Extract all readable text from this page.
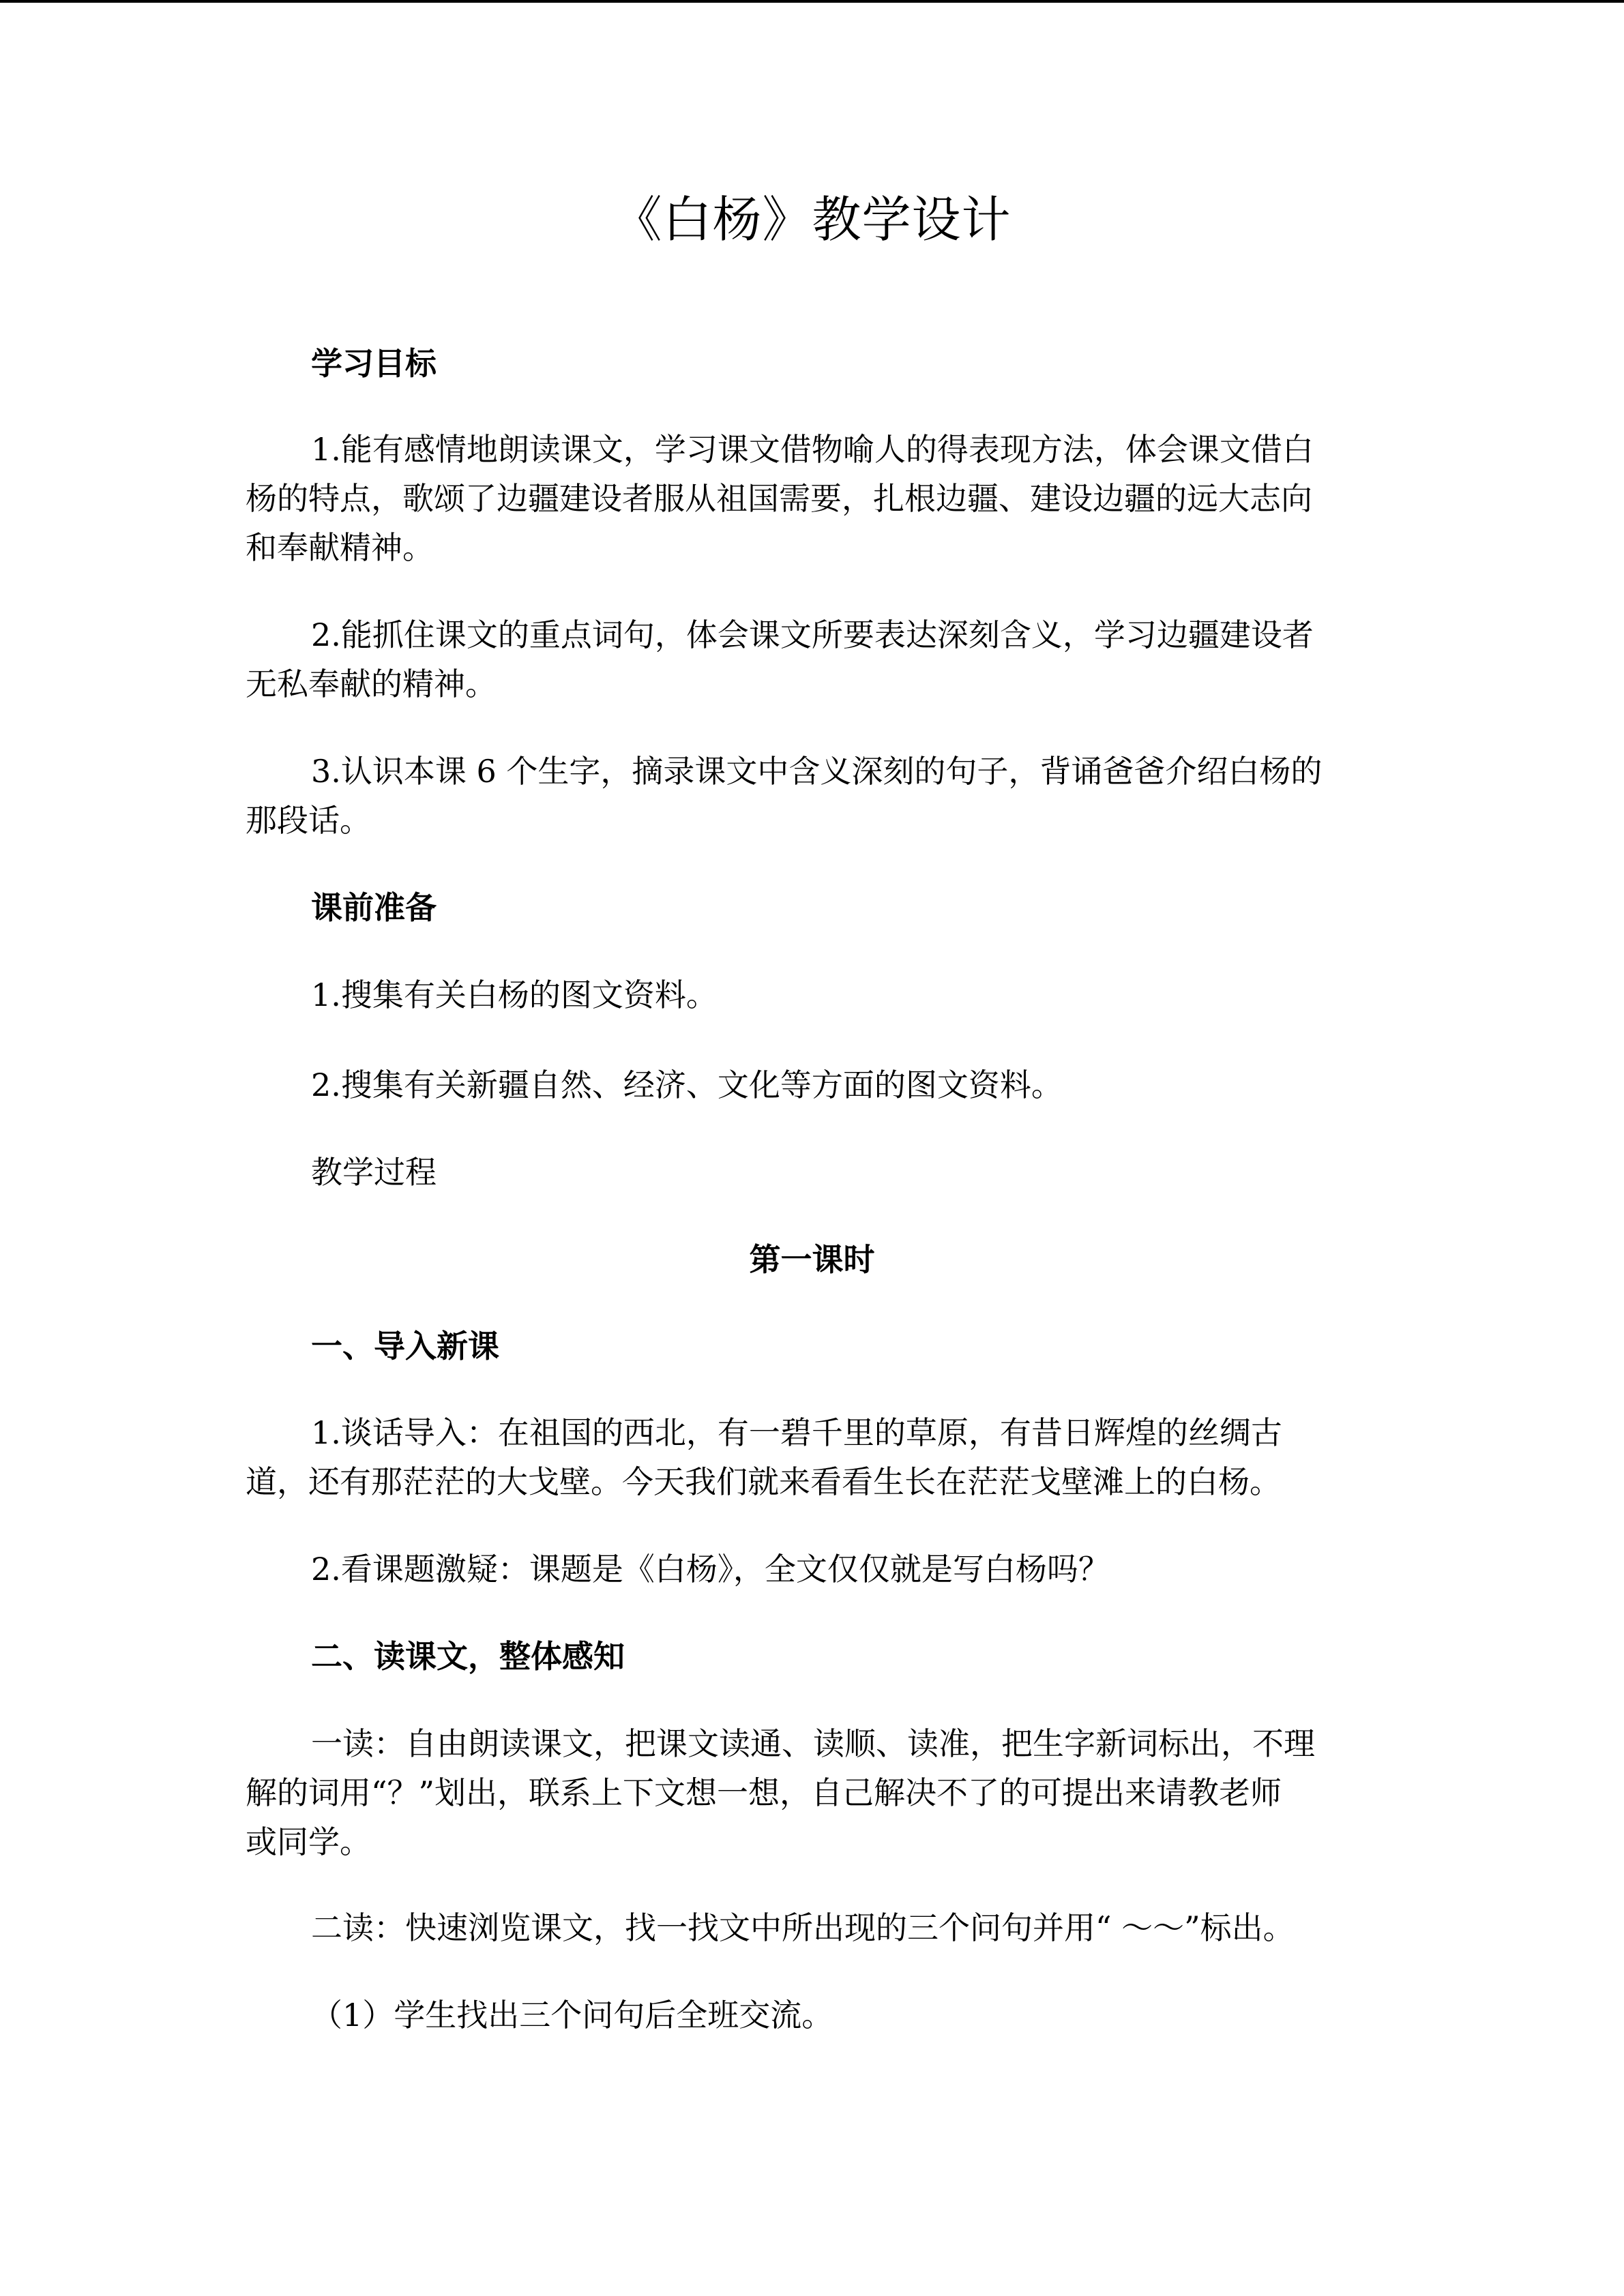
《白杨》教学设计
学习目标
1.能有感情地朗读课文，学习课文借物喻人的得表现方法，体会课文借白
杨的特点，歌颂了边疆建设者服从祖国需要，扎根边疆、建设边疆的远大志向
和奉献精神。
2.能抓住课文的重点词句，体会课文所要表达深刻含义，学习边疆建设者
无私奉献的精神。
3.认识本课 6 个生字，摘录课文中含义深刻的句子，背诵爸爸介绍白杨的
那段话。
课前准备
1.搜集有关白杨的图文资料。
2.搜集有关新疆自然、经济、文化等方面的图文资料。
教学过程
第一课时
一、导入新课
1.谈话导入：在祖国的西北，有一碧千里的草原，有昔日辉煌的丝绸古
道，还有那茫茫的大戈壁。今天我们就来看看生长在茫茫戈壁滩上的白杨。
2.看课题激疑：课题是《白杨》，全文仅仅就是写白杨吗？
二、读课文，整体感知
一读：自由朗读课文，把课文读通、读顺、读准，把生字新词标出，不理
解的词用“？”划出，联系上下文想一想，自己解决不了的可提出来请教老师
或同学。
二读：快速浏览课文，找一找文中所出现的三个问句并用“ ～～”标出。
（1）学生找出三个问句后全班交流。
